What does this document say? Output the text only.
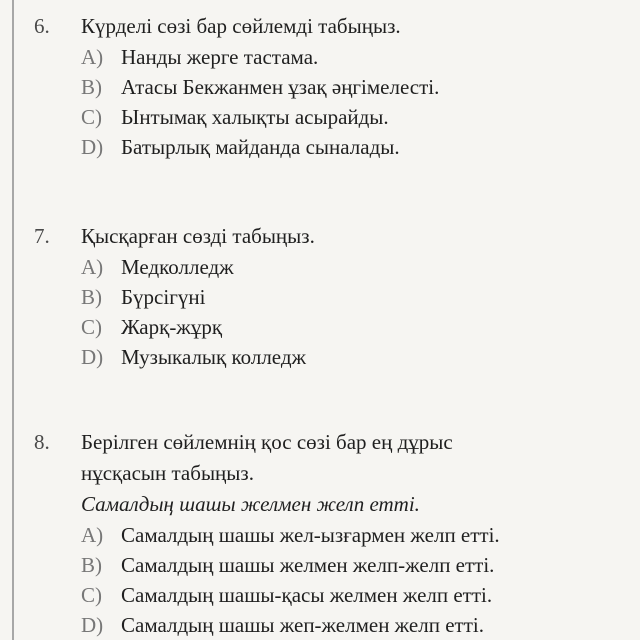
6.	Күрделі сөзі бар сөйлемді табыңыз.
A) Нанды жерге тастама.
B) Атасы Бекжанмен ұзақ әңгімелесті.
C) Ынтымақ халықты асырайды.
D) Батырлық майданда сыналады.
7.	Қысқарған сөзді табыңыз.
A) Медколледж
B) Бүрсігүні
C) Жарқ-жұрқ
D) Музыкалық колледж
8.	Берілген сөйлемнің қос сөзі бар ең дұрыс
нұсқасын табыңыз.
Самалдың шашы желмен желп етті.
A) Самалдың шашы жел-ызғармен желп етті.
B) Самалдың шашы желмен желп-желп етті.
C) Самалдың шашы-қасы желмен желп етті.
D) Самалдың шашы жеп-желмен желп етті.
